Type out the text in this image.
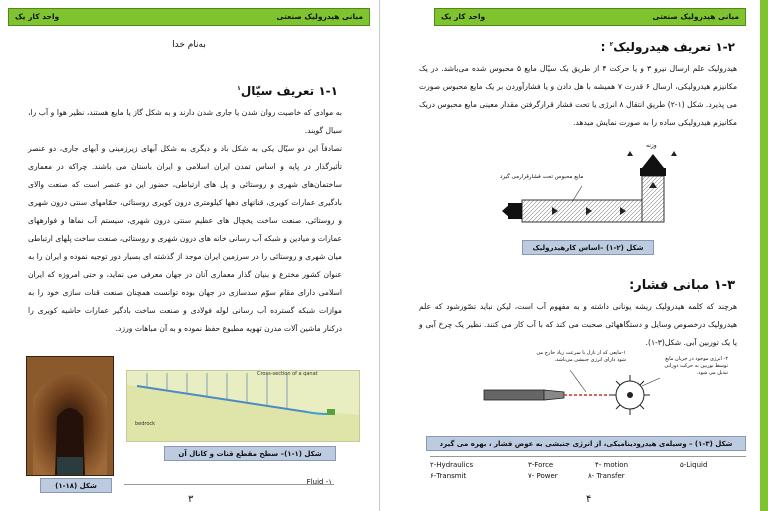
مبانی هیدرولیک صنعتی
واحد کار یک
به‌نام خدا
۱-۱ تعریف سیّال$^۱$
به موادی که خاصیت روان شدن یا جاری شدن دارند و به شکل گاز یا مایع هستند، نظیر هوا و آب را، سیال گویند.
تصادفاً این دو سیّال یکی به شکل باد و دیگری به شکل آبهای زیرزمینی و آبهای جاری، دو عنصر تأثیرگذار در پایه و اساس تمدن ایران اسلامی و ایران باستان می باشند. چراکه در معماری ساختمان‌های شهری و روستائی و پل های ارتباطی، حضور این دو عنصر است که صنعت والای بادگیری عمارات کویری، قناتهای دهها کیلومتری درون کویری روستائی، حمّامهای سنتی درون شهری و روستائی، صنعت ساخت یخچال های عظیم سنتی درون شهری، سیستم آب نماها و فوارههای عمارات و میادین و شبکه آب رسانی خانه های درون شهری و روستائی، صنعت ساخت پلهای ارتباطی میان شهری و روستائی را در سرزمین ایران موجد از گذشته ای بسیار دور توجیه نموده و ایران را به عنوان کشور مخترع و بنیان گذار معماری آنان در جهان معرفی می نماید، و حتی امروزه که ایران اسلامی دارای مقام سوّم سدسازی در جهان بوده توانست همچنان صنعت قنات سازی خود را به موازات شبکه گسترده آب رسانی لوله فولادی و صنعت ساخت بادگیر عمارات حاشیه کویری را درکنار ماشین آلات مدرن تهویه مطبوع حفظ نموده و به آن مباهات ورزد.
شکل (۱۸-۱)
Cross-section of a qanat
bedrock
شکل (۱-۱)– سطح مقطع قنات و کانال آن
۱- Fluid
۳
مبانی هیدرولیک صنعتی
واحد کار یک
۱-۲ تعریف هیدرولیک$^۲$ :
هیدرولیک علم ارسال نیرو ۳ و یا حرکت ۴ از طریق یک سیّال مایع ۵ محبوس شده می‌باشد. در یک مکانیزم هیدرولیکی، ارسال ۶ قدرت ۷ همیشه با هل دادن و یا فشارآوردن بر یک مایع محبوس صورت می پذیرد. شکل (۱-۲) طریق انتقال ۸ انرژی یا تحت فشار قرارگرفتن مقدار معینی مایع محبوس دریک مکانیزم هیدرولیکی ساده را به صورت نمایش میدهد.
وزنه
مایع محبوس تحت فشارقرارمی گیرد
شکل (۲-۱) –اساس کارهیدرولیک
۱-۳ مبانی فشار:
هرچند که کلمه هیدرولیک ریشه یونانی داشته و به مفهوم آب است، لیکن نباید تصّورشود که علم هیدرولیک درخصوص وسایل و دستگاههائی صحبت می کند که با آب کار می کنند. نظیر یک چرخ آبی و یا یک توربین آبی. شکل(۳-۱).
۱-مایعی که از نازل با سرعت زیاد خارج می شود دارای انرژی جنبشی می‌باشد.	۲- انرژی موجود در جریان مایع توسط توربین به حرکت دورانی تبدیل می شود.
شکل (۳-۱) – وسیله‌ی هیدرودینامیکی، از انرژی جنبشی به عوض فشار ، بهره می گیرد
۲-Hydraulics	۳-Force	۴- motion	۵-Liquid
۶-Transmit	۷- Power	۸- Transfer
۴
